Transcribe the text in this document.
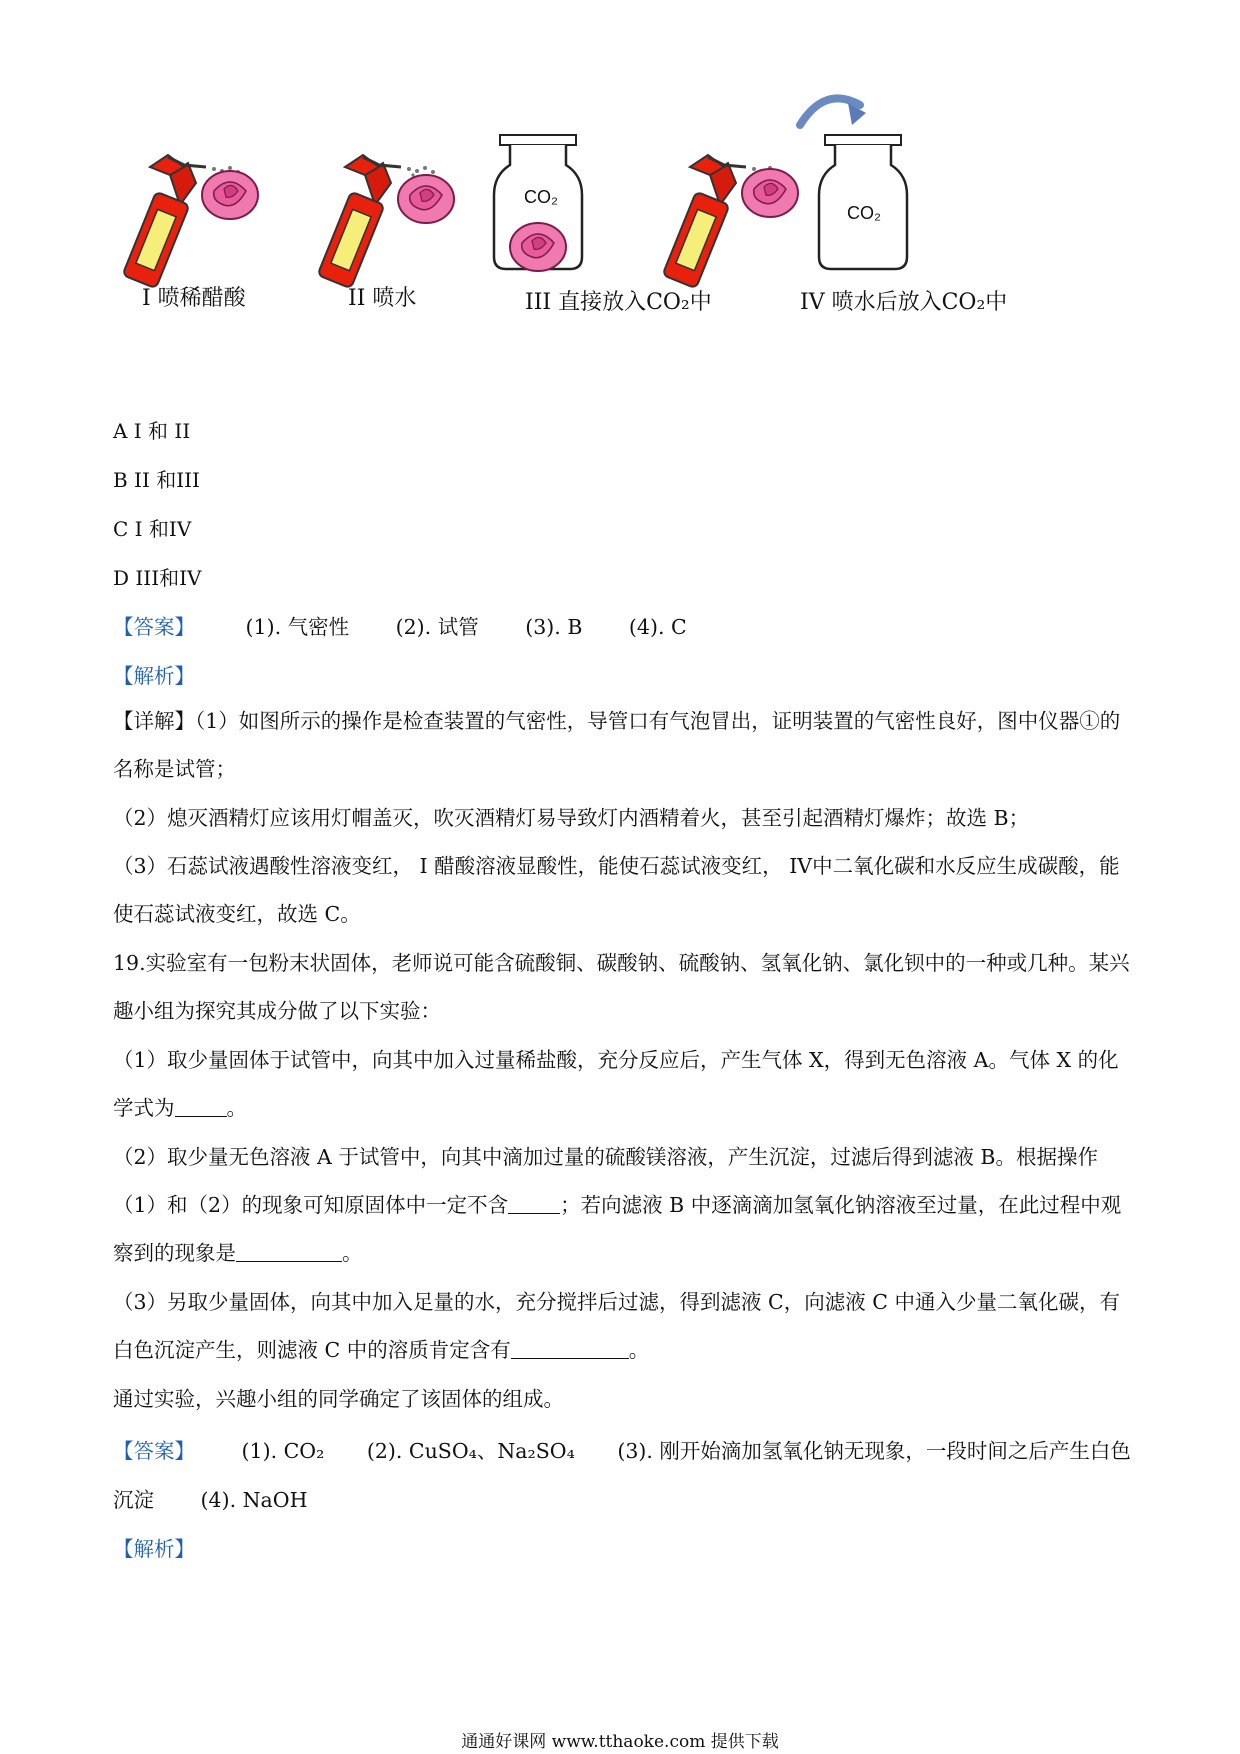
CO₂
CO₂
I 喷稀醋酸	II 喷水	III 直接放入CO₂中	IV 喷水后放入CO₂中
A I 和 II
B II 和III
C I 和IV
D III和IV
【答案】 (1). 气密性 (2). 试管 (3). B (4). C
【解析】
【详解】（1）如图所示的操作是检查装置的气密性，导管口有气泡冒出，证明装置的气密性良好，图中仪器①的名称是试管；
（2）熄灭酒精灯应该用灯帽盖灭，吹灭酒精灯易导致灯内酒精着火，甚至引起酒精灯爆炸；故选 B；
（3）石蕊试液遇酸性溶液变红， I 醋酸溶液显酸性，能使石蕊试液变红， IV中二氧化碳和水反应生成碳酸，能使石蕊试液变红，故选 C。
19.实验室有一包粉末状固体，老师说可能含硫酸铜、碳酸钠、硫酸钠、氢氧化钠、氯化钡中的一种或几种。某兴趣小组为探究其成分做了以下实验：
（1）取少量固体于试管中，向其中加入过量稀盐酸，充分反应后，产生气体 X，得到无色溶液 A。气体 X 的化学式为	。
（2）取少量无色溶液 A 于试管中，向其中滴加过量的硫酸镁溶液，产生沉淀，过滤后得到滤液 B。根据操作（1）和（2）的现象可知原固体中一定不含	；若向滤液 B 中逐滴滴加氢氧化钠溶液至过量，在此过程中观察到的现象是	。
（3）另取少量固体，向其中加入足量的水，充分搅拌后过滤，得到滤液 C，向滤液 C 中通入少量二氧化碳，有白色沉淀产生，则滤液 C 中的溶质肯定含有	。
通过实验，兴趣小组的同学确定了该固体的组成。
【答案】 (1). CO₂ (2). CuSO₄、Na₂SO₄ (3). 刚开始滴加氢氧化钠无现象，一段时间之后产生白色
沉淀 (4). NaOH
【解析】
通通好课网 www.tthaoke.com 提供下载
